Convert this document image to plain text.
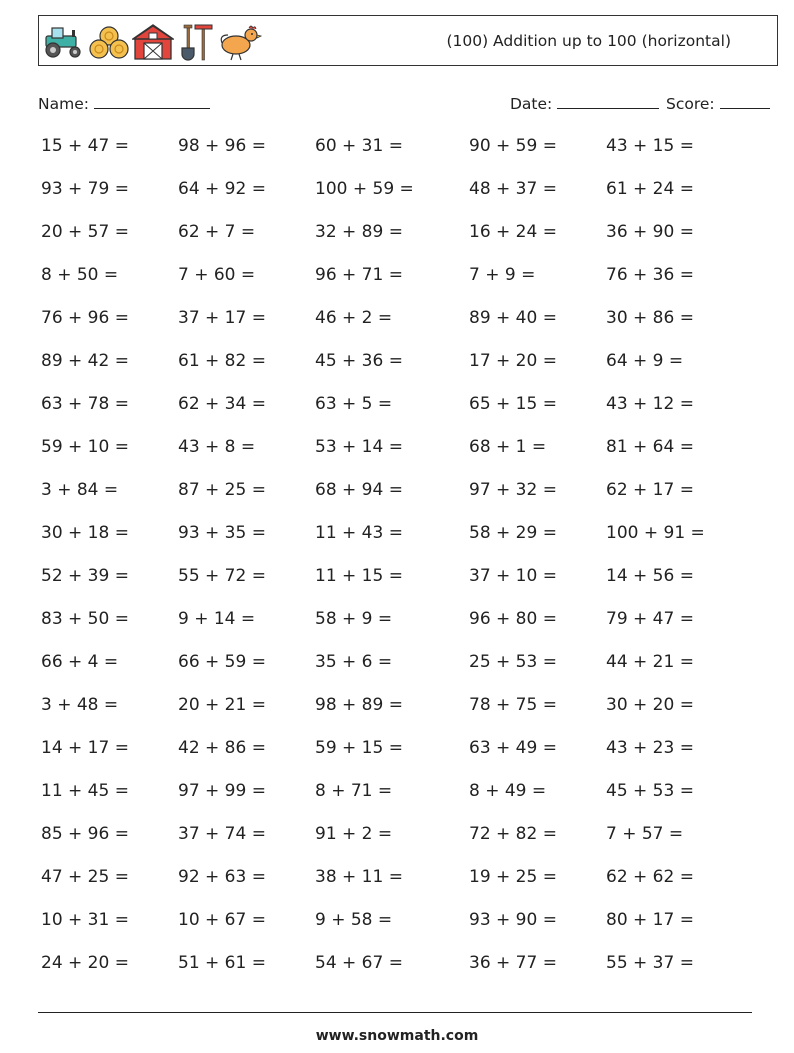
(100) Addition up to 100 (horizontal)
Name:	Date:	Score:
15 + 47 =	98 + 96 =	60 + 31 =	90 + 59 =	43 + 15 =
93 + 79 =	64 + 92 =	100 + 59 =	48 + 37 =	61 + 24 =
20 + 57 =	62 + 7 =	32 + 89 =	16 + 24 =	36 + 90 =
8 + 50 =	7 + 60 =	96 + 71 =	7 + 9 =	76 + 36 =
76 + 96 =	37 + 17 =	46 + 2 =	89 + 40 =	30 + 86 =
89 + 42 =	61 + 82 =	45 + 36 =	17 + 20 =	64 + 9 =
63 + 78 =	62 + 34 =	63 + 5 =	65 + 15 =	43 + 12 =
59 + 10 =	43 + 8 =	53 + 14 =	68 + 1 =	81 + 64 =
3 + 84 =	87 + 25 =	68 + 94 =	97 + 32 =	62 + 17 =
30 + 18 =	93 + 35 =	11 + 43 =	58 + 29 =	100 + 91 =
52 + 39 =	55 + 72 =	11 + 15 =	37 + 10 =	14 + 56 =
83 + 50 =	9 + 14 =	58 + 9 =	96 + 80 =	79 + 47 =
66 + 4 =	66 + 59 =	35 + 6 =	25 + 53 =	44 + 21 =
3 + 48 =	20 + 21 =	98 + 89 =	78 + 75 =	30 + 20 =
14 + 17 =	42 + 86 =	59 + 15 =	63 + 49 =	43 + 23 =
11 + 45 =	97 + 99 =	8 + 71 =	8 + 49 =	45 + 53 =
85 + 96 =	37 + 74 =	91 + 2 =	72 + 82 =	7 + 57 =
47 + 25 =	92 + 63 =	38 + 11 =	19 + 25 =	62 + 62 =
10 + 31 =	10 + 67 =	9 + 58 =	93 + 90 =	80 + 17 =
24 + 20 =	51 + 61 =	54 + 67 =	36 + 77 =	55 + 37 =
www.snowmath.com
